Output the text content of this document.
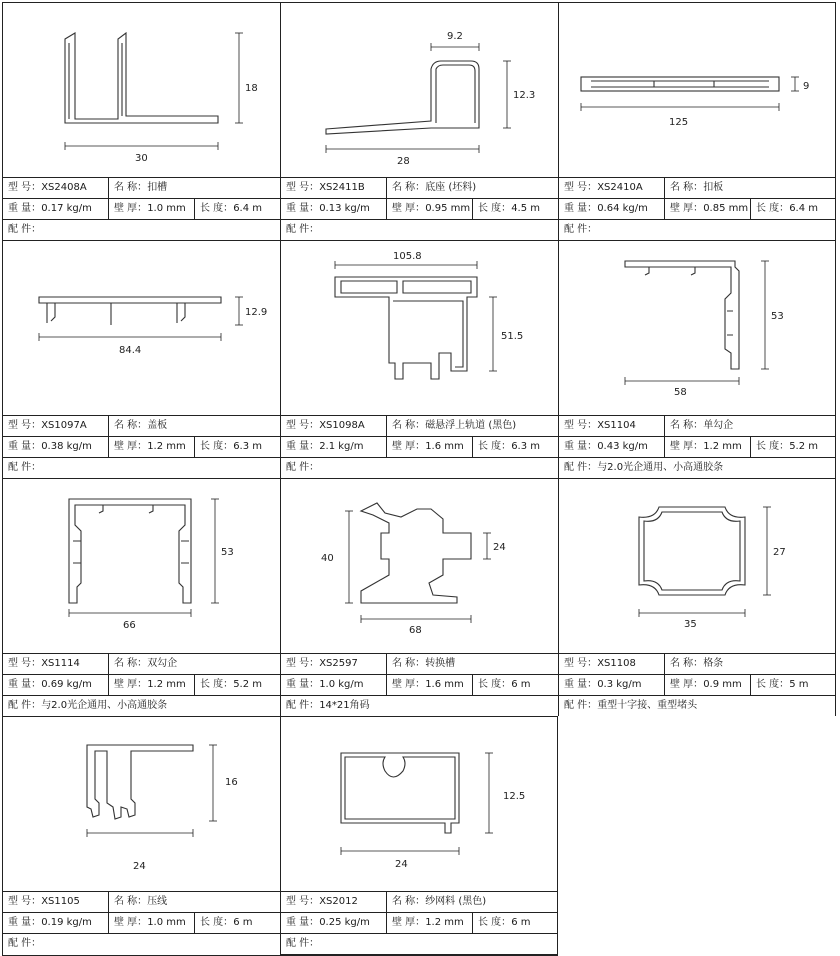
18
30
型 号：XS2408A	名 称：扣槽
重 量：0.17 kg/m	壁 厚：1.0 mm	长 度：6.4 m
配 件：
9.2
12.3
28
型 号：XS2411B	名 称：底座 (坯料)
重 量：0.13 kg/m	壁 厚：0.95 mm 长 度：4.5 m
配 件：
9
125
型 号：XS2410A	名 称：扣板
重 量：0.64 kg/m	壁 厚：0.85 mm 长 度：6.4 m
配 件：
12.9
84.4
型 号：XS1097A	名 称：盖板
重 量：0.38 kg/m	壁 厚：1.2 mm	长 度：6.3 m
配 件：
105.8
51.5
型 号：XS1098A	名 称：磁悬浮上轨道 (黑色)
重 量：2.1 kg/m	壁 厚：1.6 mm	长 度：6.3 m
配 件：
53
58
型 号：XS1104	名 称：单勾企
重 量：0.43 kg/m	壁 厚：1.2 mm	长 度：5.2 m
配 件：与2.0光企通用、小高通胶条
53
66
型 号：XS1114	名 称：双勾企
重 量：0.69 kg/m	壁 厚：1.2 mm	长 度：5.2 m
配 件：与2.0光企通用、小高通胶条
40
24
68
型 号：XS2597	名 称：转换槽
重 量：1.0 kg/m	壁 厚：1.6 mm	长 度：6 m
配 件：14*21角码
27
35
型 号：XS1108	名 称：格条
重 量：0.3 kg/m	壁 厚：0.9 mm	长 度：5 m
配 件：重型十字接、重型堵头
16
24
型 号：XS1105	名 称：压线
重 量：0.19 kg/m	壁 厚：1.0 mm	长 度：6 m
配 件：
12.5
24
型 号：XS2012	名 称：纱网料 (黑色)
重 量：0.25 kg/m	壁 厚：1.2 mm	长 度：6 m
配 件：
